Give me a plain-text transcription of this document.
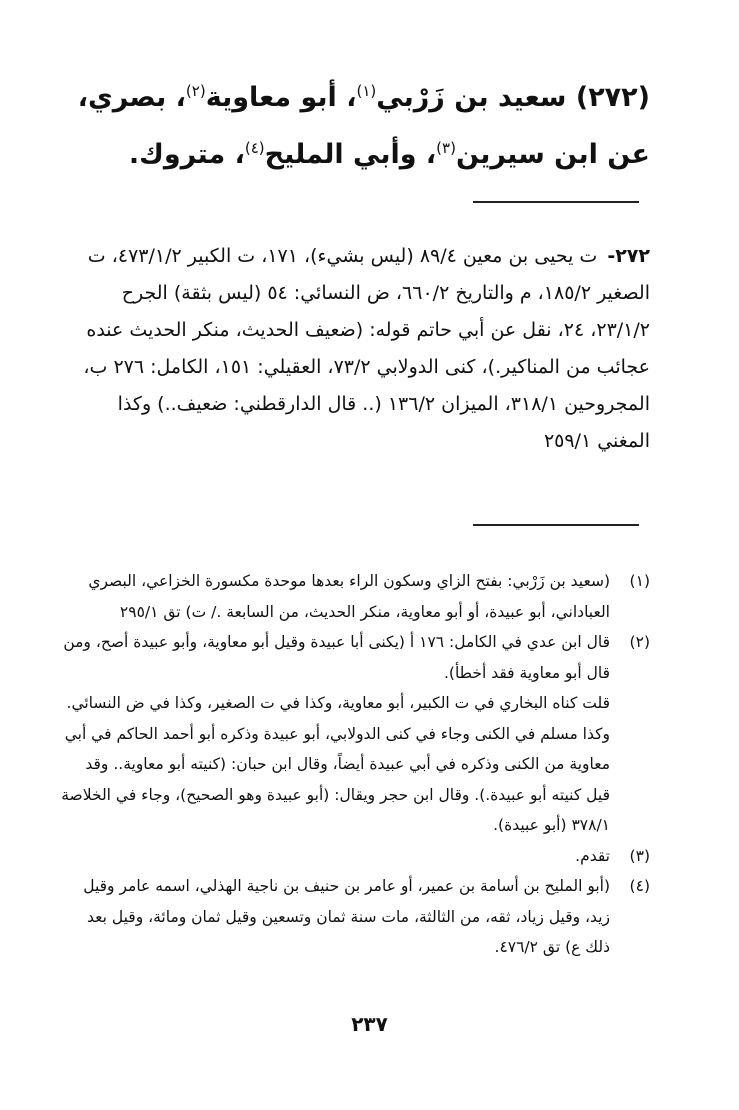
(٢٧٢) سعيد بن زَرْبي$^{(١)}$، أبو معاوية$^{(٢)}$، بصري، عن ابن سيرين$^{(٣)}$، وأبي المليح$^{(٤)}$، متروك.
٢٧٢-ت يحيى بن معين ٨٩/٤ (ليس بشيء)، ١٧١، ت الكبير ٤٧٣/١/٢، ت الصغير ١٨٥/٢، م والتاريخ ٦٦٠/٢، ض النسائي: ٥٤ (ليس بثقة) الجرح ٢٣/١/٢، ٢٤، نقل عن أبي حاتم قوله: (ضعيف الحديث، منكر الحديث عنده عجائب من المناكير.)، كنى الدولابي ٧٣/٢، العقيلي: ١٥١، الكامل: ٢٧٦ ب، المجروحين ٣١٨/١، الميزان ١٣٦/٢ (.. قال الدارقطني: ضعيف..) وكذا المغني ٢٥٩/١
(١)
(سعيد بن زَرْبي: بفتح الزاي وسكون الراء بعدها موحدة مكسورة الخزاعي، البصري العباداني، أبو عبيدة، أو أبو معاوية، منكر الحديث، من السابعة ./ ت) تق ٢٩٥/١
(٢)
قال ابن عدي في الكامل: ١٧٦ أ (يكنى أبا عبيدة وقيل أبو معاوية، وأبو عبيدة أصح، ومن قال أبو معاوية فقد أخطأ).
قلت كناه البخاري في ت الكبير، أبو معاوية، وكذا في ت الصغير، وكذا في ض النسائي. وكذا مسلم في الكنى وجاء في كنى الدولابي، أبو عبيدة وذكره أبو أحمد الحاكم في أبي معاوية من الكنى وذكره في أبي عبيدة أيضاً، وقال ابن حبان: (كنيته أبو معاوية.. وقد قيل كنيته أبو عبيدة.). وقال ابن حجر ويقال: (أبو عبيدة وهو الصحيح)، وجاء في الخلاصة ٣٧٨/١ (أبو عبيدة).
(٣)
تقدم.
(٤)
(أبو المليح بن أسامة بن عمير، أو عامر بن حنيف بن ناجية الهذلي، اسمه عامر وقيل زيد، وقيل زياد، ثقه، من الثالثة، مات سنة ثمان وتسعين وقيل ثمان ومائة، وقيل بعد ذلك ع) تق ٤٧٦/٢.
٢٣٧
